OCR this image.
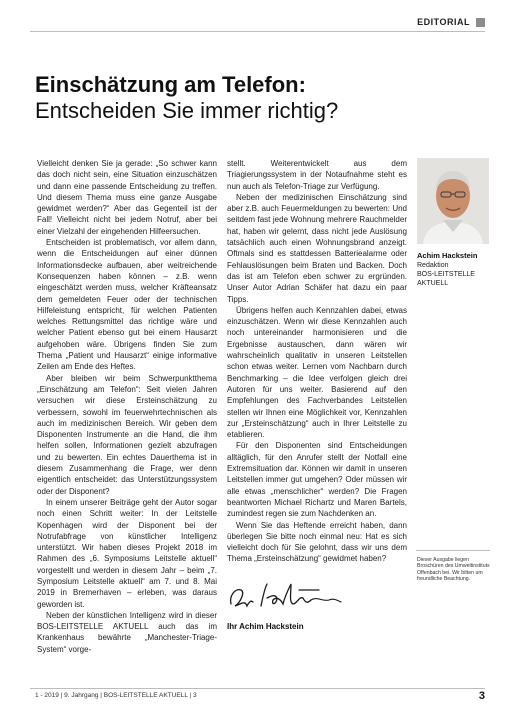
EDITORIAL
Einschätzung am Telefon:
Entscheiden Sie immer richtig?

Vielleicht denken Sie ja gerade: „So schwer kann das doch nicht sein, eine Situation einzuschätzen und dann eine passende Entscheidung zu treffen. Und diesem Thema muss eine ganze Ausgabe gewidmet werden?“ Aber das Gegenteil ist der Fall! Vielleicht nicht bei jedem Notruf, aber bei einer Vielzahl der eingehenden Hilfeersuchen.

Entscheiden ist problematisch, vor allem dann, wenn die Entscheidungen auf einer dünnen Informationsdecke aufbauen, aber weitreichende Konsequenzen haben können – z.B. wenn eingeschätzt werden muss, welcher Kräfteansatz dem gemeldeten Feuer oder der technischen Hilfeleistung entspricht, für welchen Patienten welches Rettungsmittel das richtige wäre und welcher Patient ebenso gut bei einem Hausarzt aufgehoben wäre. Übrigens finden Sie zum Thema „Patient und Hausarzt“ einige informative Zeilen am Ende des Heftes.

Aber bleiben wir beim Schwerpunktthema „Einschätzung am Telefon“: Seit vielen Jahren versuchen wir diese Ersteinschätzung zu verbessern, sowohl im feuerwehrtechnischen als auch im medizinischen Bereich. Wir geben dem Disponenten Instrumente an die Hand, die ihm helfen sollen, Informationen gezielt abzufragen und zu bewerten. Ein echtes Dauerthema ist in diesem Zusammenhang die Frage, wer denn eigentlich entscheidet: das Unterstützungssystem oder der Disponent?

In einem unserer Beiträge geht der Autor sogar noch einen Schritt weiter: In der Leitstelle Kopenhagen wird der Disponent bei der Notrufabfrage von künstlicher Intelligenz unterstützt. Wir haben dieses Projekt 2018 im Rahmen des „6. Symposiums Leitstelle aktuell“ vorgestellt und werden in diesem Jahr – beim „7. Symposium Leitstelle aktuell“ am 7. und 8. Mai 2019 in Bremerhaven – erleben, was daraus geworden ist.

Neben der künstlichen Intelligenz wird in dieser BOS-LEITSTELLE AKTUELL auch das im Krankenhaus bewährte „Manchester-Triage-System“ vorge-

stellt. Weiterentwickelt aus dem Triagierungssystem in der Notaufnahme steht es nun auch als Telefon-Triage zur Verfügung.

Neben der medizinischen Einschätzung sind aber z.B. auch Feuermeldungen zu bewerten: Und seitdem fast jede Wohnung mehrere Rauchmelder hat, haben wir gelernt, dass nicht jede Auslösung tatsächlich auch einen Wohnungsbrand anzeigt. Oftmals sind es stattdessen Batteriealarme oder Fehlauslösungen beim Braten und Backen. Doch das ist am Telefon eben schwer zu ergründen. Unser Autor Adrian Schäfer hat dazu ein paar Tipps.

Übrigens helfen auch Kennzahlen dabei, etwas einzuschätzen. Wenn wir diese Kennzahlen auch noch untereinander harmonisieren und die Ergebnisse austauschen, dann wären wir wahrscheinlich qualitativ in unseren Leitstellen schon etwas weiter. Lernen vom Nachbarn durch Benchmarking – die Idee verfolgen gleich drei Autoren für uns weiter. Basierend auf den Empfehlungen des Fachverbandes Leitstellen stellen wir Ihnen eine Möglichkeit vor, Kennzahlen zur „Ersteinschätzung“ auch in Ihrer Leitstelle zu etablieren.

Für den Disponenten sind Entscheidungen alltäglich, für den Anrufer stellt der Notfall eine Extremsituation dar. Können wir damit in unseren Leitstellen immer gut umgehen? Oder müssen wir alle etwas „menschlicher“ werden? Die Fragen beantworten Michael Richartz und Maren Bartels, zumindest regen sie zum Nachdenken an.

Wenn Sie das Heftende erreicht haben, dann überlegen Sie bitte noch einmal neu: Hat es sich vielleicht doch für Sie gelohnt, dass wir uns dem Thema „Ersteinschätzung“ gewidmet haben?

Ihr Achim Hackstein
Achim Hackstein
Redaktion
BOS-LEITSTELLE
AKTUELL
Dieser Ausgabe liegen Broschüren des Umweltinstituts Offenbach bei. Wir bitten um freundliche Beachtung.
1 - 2019 | 9. Jahrgang | BOS-LEITSTELLE AKTUELL | 3	3
